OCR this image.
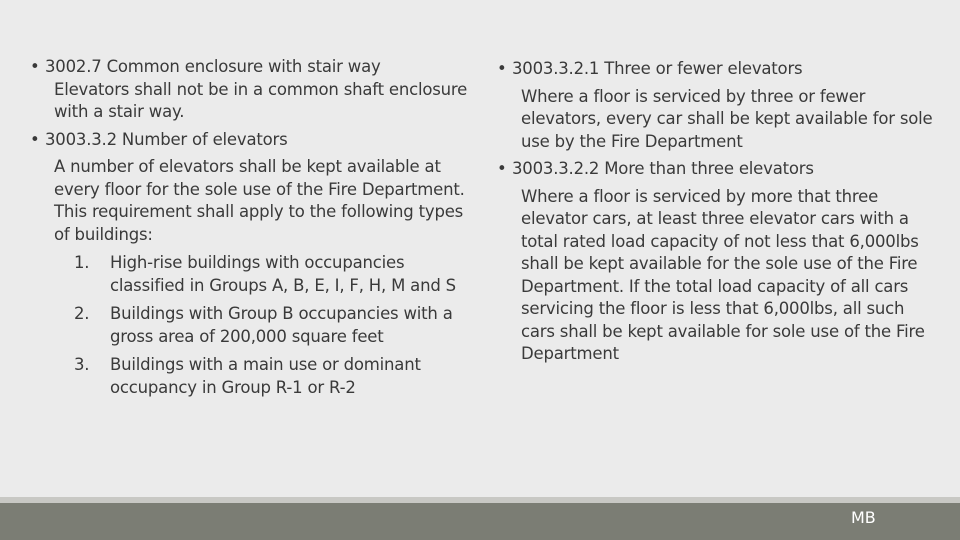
• 3002.7 Common enclosure with stair way

Elevators shall not be in a common shaft enclosure with a stair way.

• 3003.3.2 Number of elevators

A number of elevators shall be kept available at every floor for the sole use of the Fire Department. This requirement shall apply to the following types of buildings:

1. High-rise buildings with occupancies classified in Groups A, B, E, I, F, H, M and S
2. Buildings with Group B occupancies with a gross area of 200,000 square feet
3. Buildings with a main use or dominant occupancy in Group R-1 or R-2

• 3003.3.2.1 Three or fewer elevators

Where a floor is serviced by three or fewer elevators, every car shall be kept available for sole use by the Fire Department

• 3003.3.2.2 More than three elevators

Where a floor is serviced by more that three elevator cars, at least three elevator cars with a total rated load capacity of not less that 6,000lbs shall be kept available for the sole use of the Fire Department. If the total load capacity of all cars servicing the floor is less that 6,000lbs, all such cars shall be kept available for sole use of the Fire Department

MB
